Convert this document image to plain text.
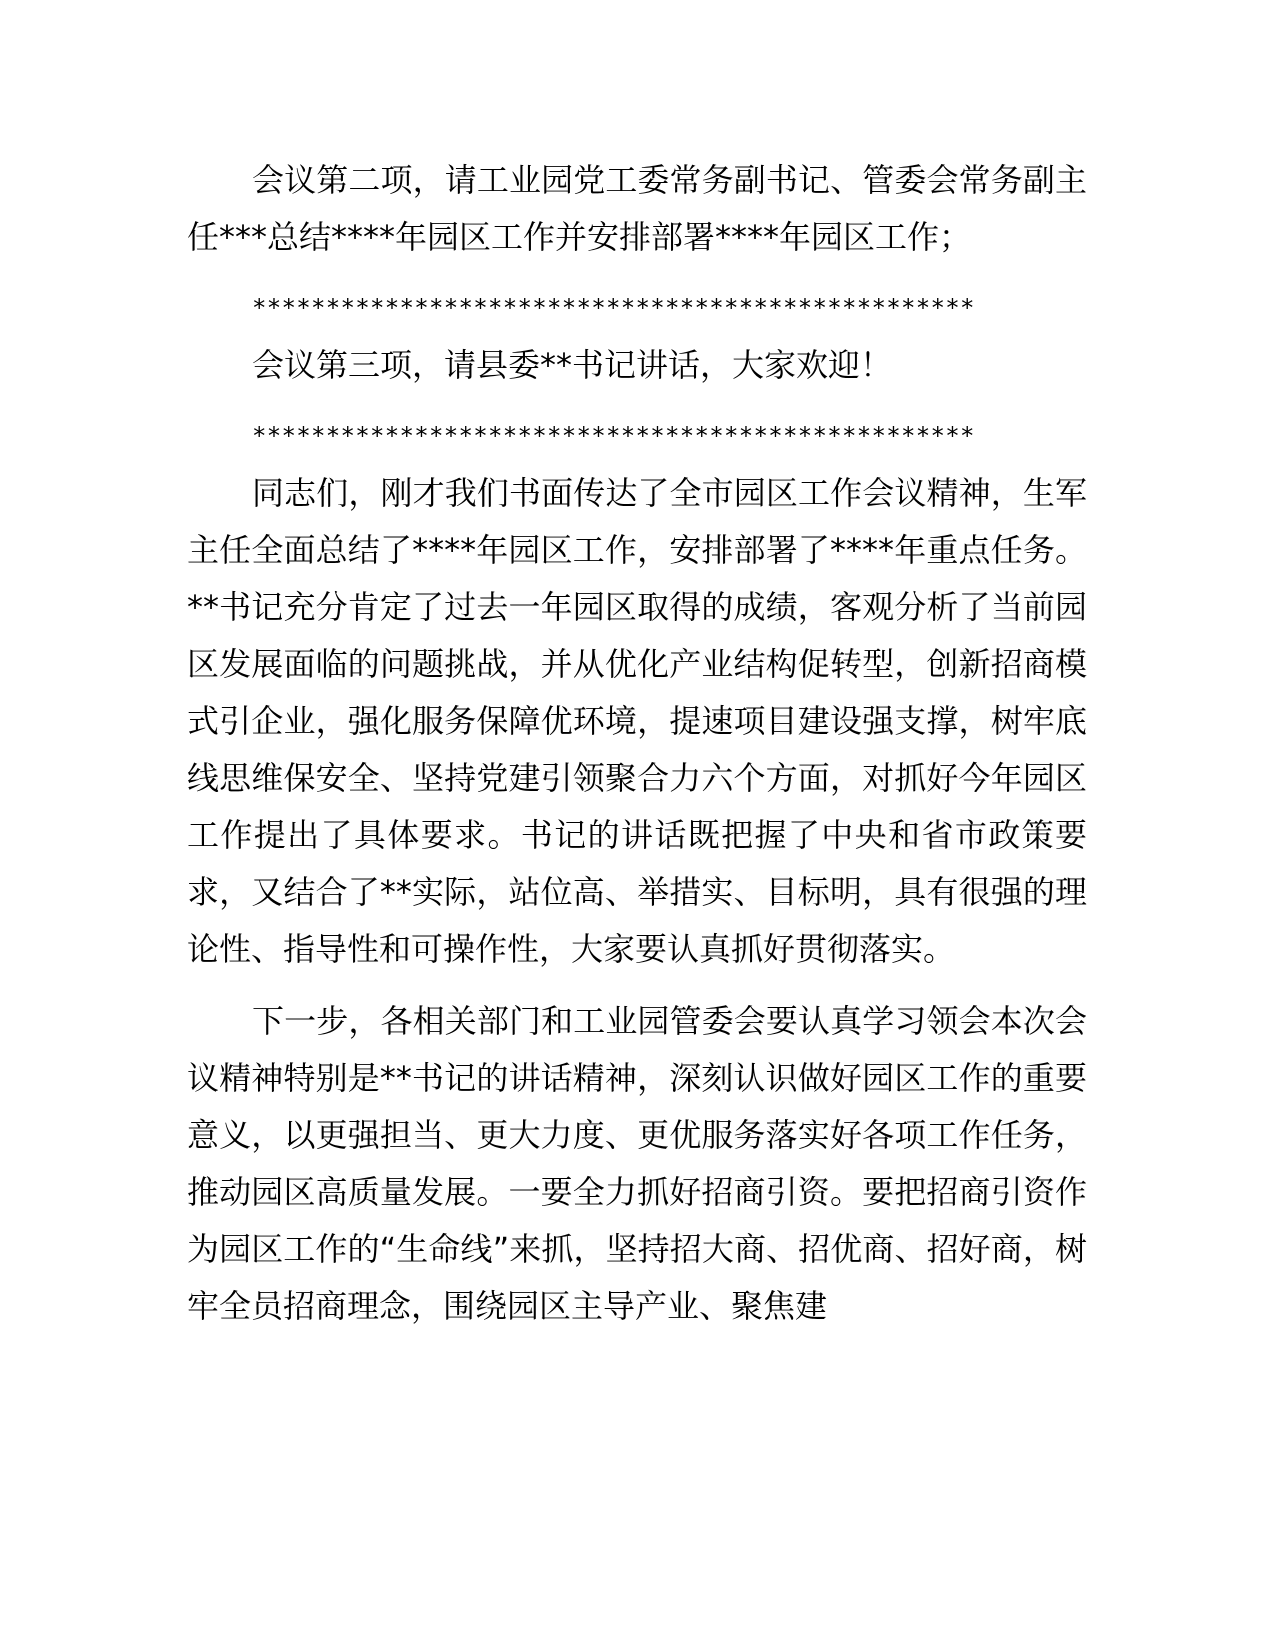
会议第二项，请工业园党工委常务副书记、管委会常务副主任***总结****年园区工作并安排部署****年园区工作；

*************************************************

会议第三项，请县委**书记讲话，大家欢迎！

*************************************************

同志们，刚才我们书面传达了全市园区工作会议精神，生军主任全面总结了****年园区工作，安排部署了****年重点任务。**书记充分肯定了过去一年园区取得的成绩，客观分析了当前园区发展面临的问题挑战，并从优化产业结构促转型，创新招商模式引企业，强化服务保障优环境，提速项目建设强支撑，树牢底线思维保安全、坚持党建引领聚合力六个方面，对抓好今年园区工作提出了具体要求。书记的讲话既把握了中央和省市政策要求，又结合了**实际，站位高、举措实、目标明，具有很强的理论性、指导性和可操作性，大家要认真抓好贯彻落实。

下一步，各相关部门和工业园管委会要认真学习领会本次会议精神特别是**书记的讲话精神，深刻认识做好园区工作的重要意义，以更强担当、更大力度、更优服务落实好各项工作任务，推动园区高质量发展。一要全力抓好招商引资。要把招商引资作为园区工作的“生命线”来抓，坚持招大商、招优商、招好商，树牢全员招商理念，围绕园区主导产业、聚焦建
